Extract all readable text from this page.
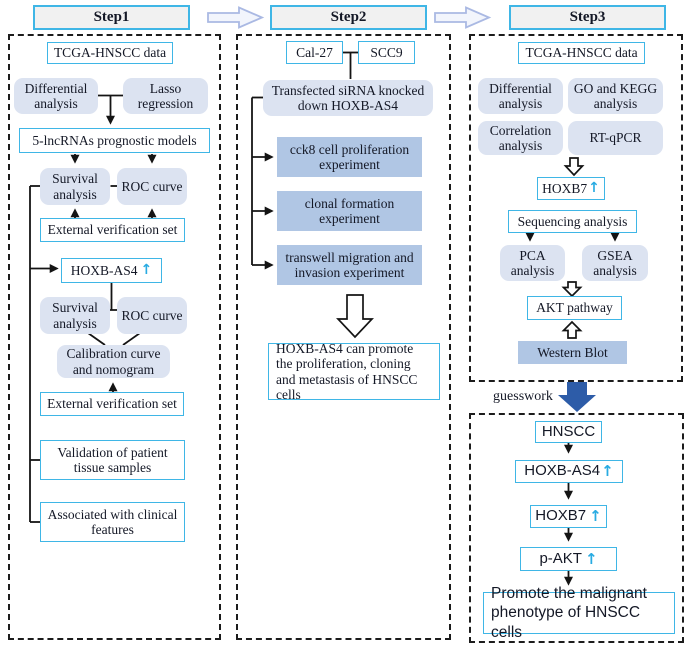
Step1	Step2	Step3
TCGA-HNSCC data
Differential analysis
Lasso regression
5-lncRNAs prognostic models
Survival analysis
ROC curve
External verification set
HOXB-AS4 ↑
Survival analysis
ROC curve
Calibration curve and nomogram
External verification set
Validation of patient tissue samples
Associated with clinical features
Cal-27	SCC9
Transfected siRNA knocked down HOXB-AS4
cck8 cell proliferation experiment
clonal formation experiment
transwell migration and invasion experiment
HOXB-AS4 can promote the proliferation, cloning and metastasis of HNSCC cells
TCGA-HNSCC data
Differential analysis
GO and KEGG analysis
Correlation analysis
RT-qPCR
HOXB7 ↑
Sequencing analysis
PCA analysis
GSEA analysis
AKT pathway
Western Blot
guesswork
HNSCC
HOXB-AS4 ↑
HOXB7 ↑
p-AKT ↑
Promote the malignant phenotype of HNSCC cells
